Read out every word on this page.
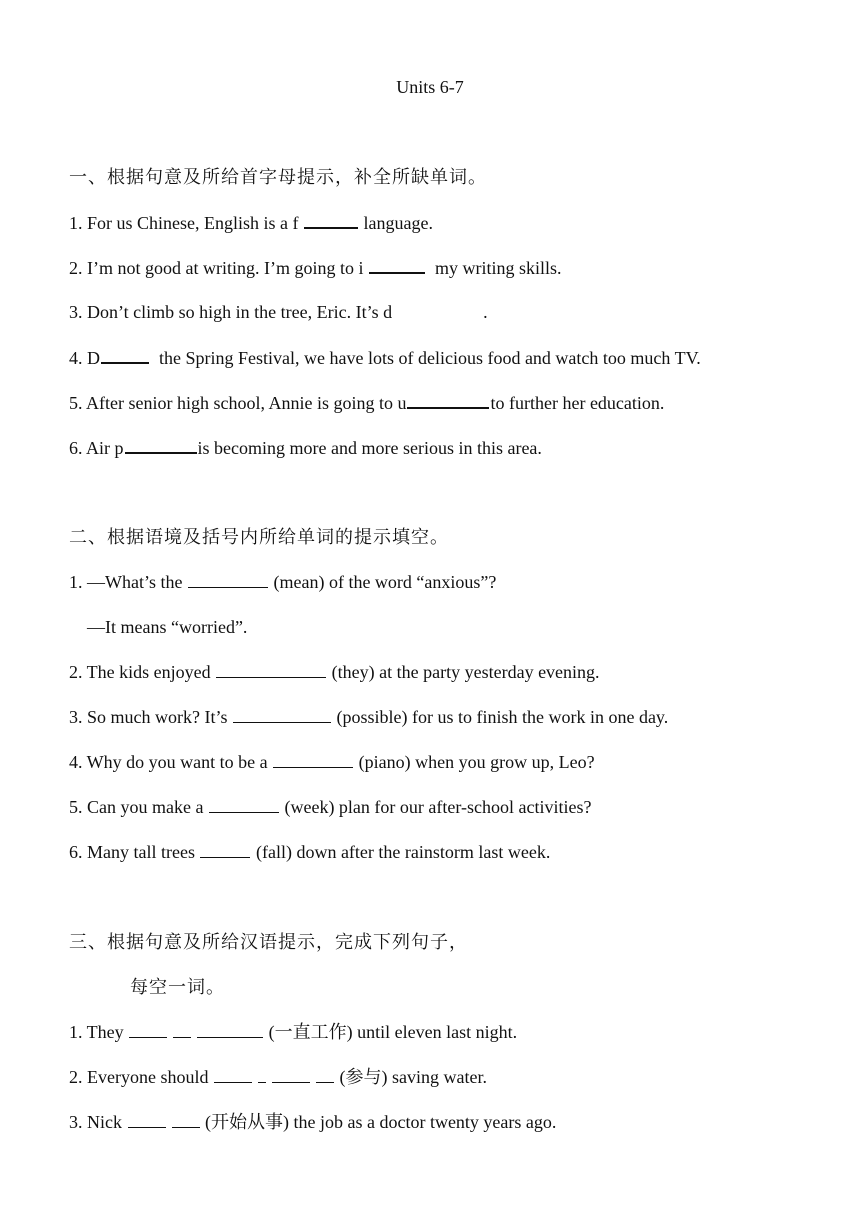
Units 6-7
一、根据句意及所给首字母提示，补全所缺单词。
1. For us Chinese, English is a f	language.
2. I’m not good at writing. I’m going to i	my writing skills.
3. Don’t climb so high in the tree, Eric. It’s d	.
4. D	the Spring Festival, we have lots of delicious food and watch too much TV.
5. After senior high school, Annie is going to u	to further her education.
6. Air p	is becoming more and more serious in this area.
二、根据语境及括号内所给单词的提示填空。
1. —What’s the	(mean) of the word “anxious”?
—It means “worried”.
2. The kids enjoyed	(they) at the party yesterday evening.
3. So much work? It’s	(possible) for us to finish the work in one day.
4. Why do you want to be a	(piano) when you grow up, Leo?
5. Can you make a	(week) plan for our after-school activities?
6. Many tall trees	(fall) down after the rainstorm last week.
三、根据句意及所给汉语提示，完成下列句子，
每空一词。
1. They	(一直工作) until eleven last night.
2. Everyone should	(参与) saving water.
3. Nick	(开始从事) the job as a doctor twenty years ago.
